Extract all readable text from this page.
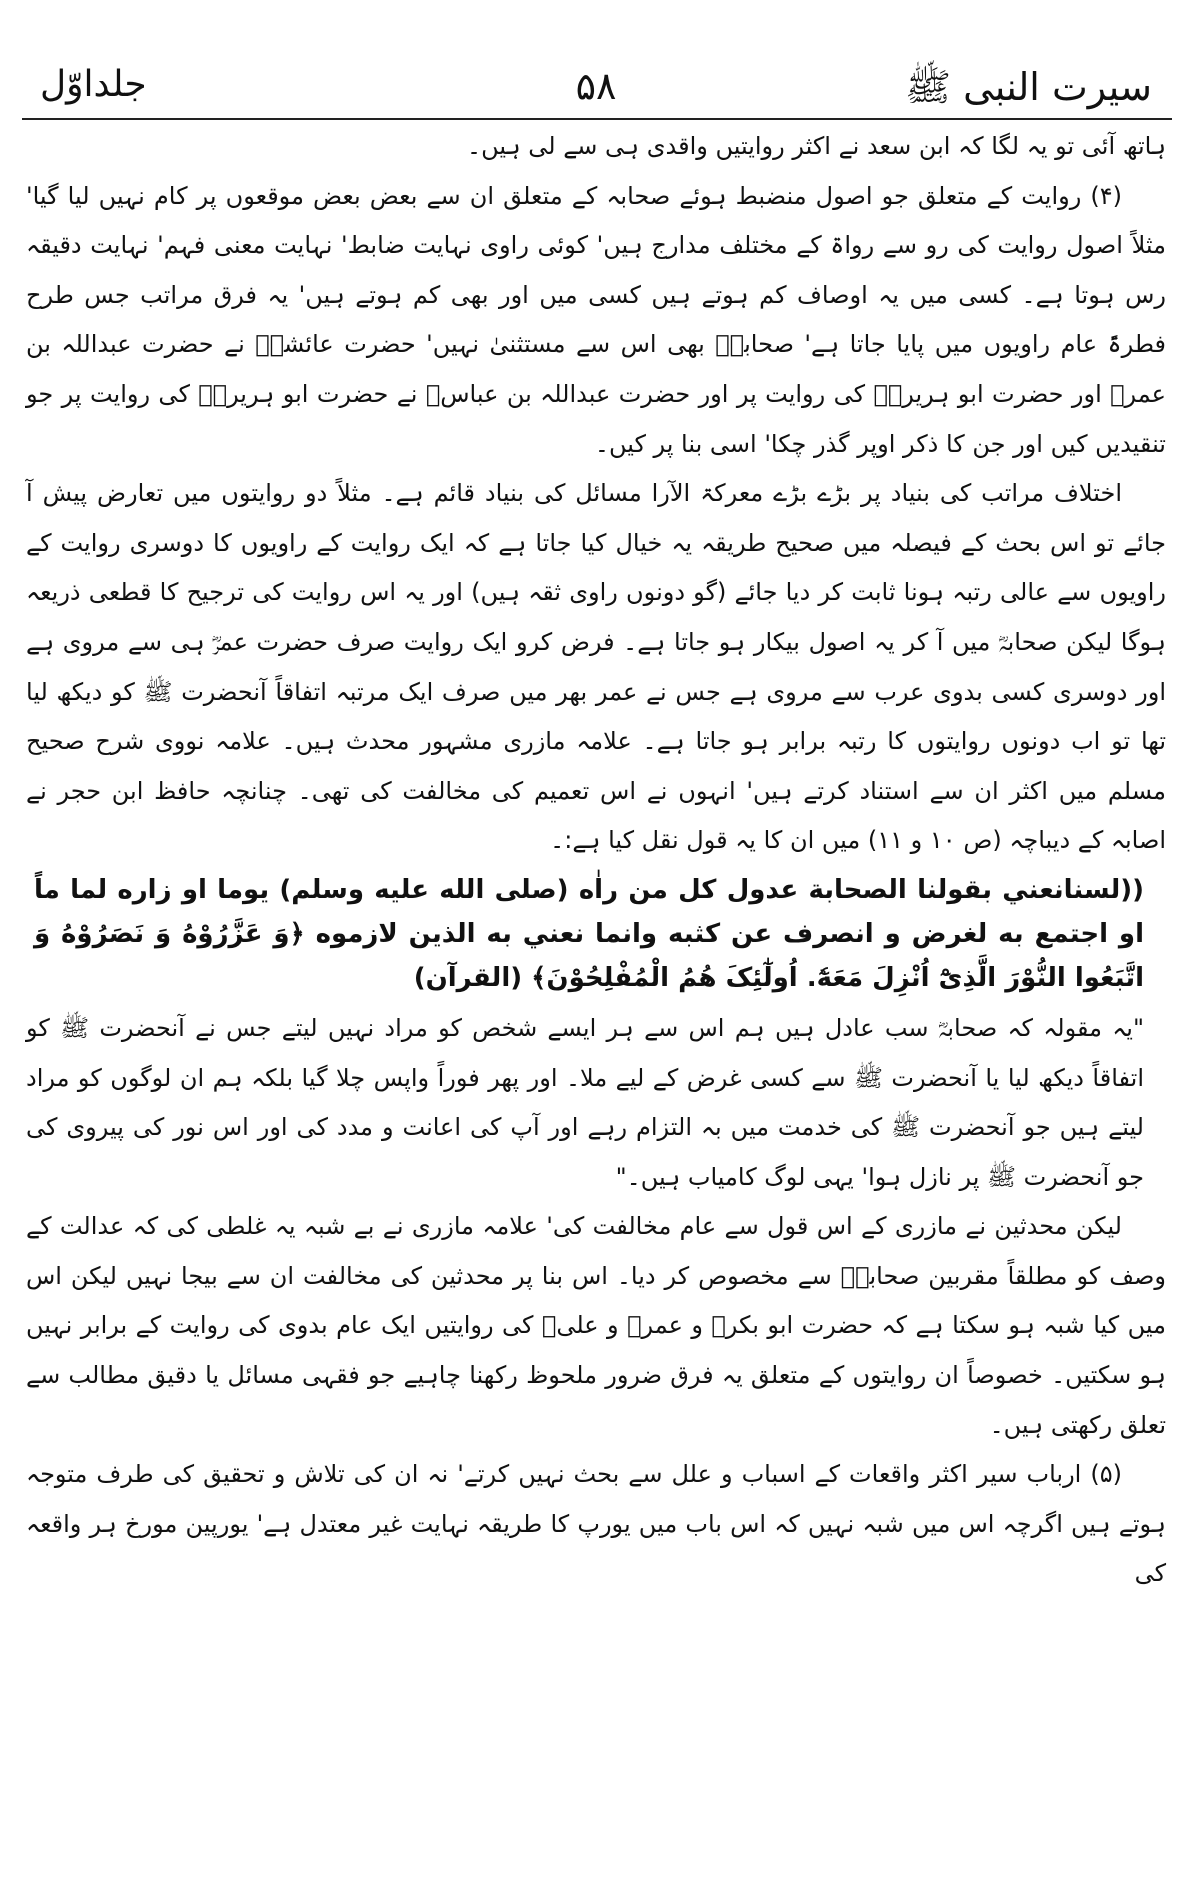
سیرت النبی ﷺ
۵۸
جلداوّل

ہاتھ آئی تو یہ لگا کہ ابن سعد نے اکثر روایتیں واقدی ہی سے لی ہیں۔

(۴) روایت کے متعلق جو اصول منضبط ہوئے صحابہ کے متعلق ان سے بعض بعض موقعوں پر کام نہیں لیا گیا' مثلاً اصول روایت کی رو سے رواۃ کے مختلف مدارج ہیں' کوئی راوی نہایت ضابط' نہایت معنی فہم' نہایت دقیقہ رس ہوتا ہے۔ کسی میں یہ اوصاف کم ہوتے ہیں کسی میں اور بھی کم ہوتے ہیں' یہ فرق مراتب جس طرح فطرۃً عام راویوں میں پایا جاتا ہے' صحابہؓ بھی اس سے مستثنیٰ نہیں' حضرت عائشہؓ نے حضرت عبداللہ بن عمرؓ اور حضرت ابو ہریرہؓ کی روایت پر اور حضرت عبداللہ بن عباسؓ نے حضرت ابو ہریرہؓ کی روایت پر جو تنقیدیں کیں اور جن کا ذکر اوپر گذر چکا' اسی بنا پر کیں۔

اختلاف مراتب کی بنیاد پر بڑے بڑے معرکۃ الآرا مسائل کی بنیاد قائم ہے۔ مثلاً دو روایتوں میں تعارض پیش آ جائے تو اس بحث کے فیصلہ میں صحیح طریقہ یہ خیال کیا جاتا ہے کہ ایک روایت کے راویوں کا دوسری روایت کے راویوں سے عالی رتبہ ہونا ثابت کر دیا جائے (گو دونوں راوی ثقہ ہیں) اور یہ اس روایت کی ترجیح کا قطعی ذریعہ ہوگا لیکن صحابہؓ میں آ کر یہ اصول بیکار ہو جاتا ہے۔ فرض کرو ایک روایت صرف حضرت عمرؓ ہی سے مروی ہے اور دوسری کسی بدوی عرب سے مروی ہے جس نے عمر بھر میں صرف ایک مرتبہ اتفاقاً آنحضرت ﷺ کو دیکھ لیا تھا تو اب دونوں روایتوں کا رتبہ برابر ہو جاتا ہے۔ علامہ مازری مشہور محدث ہیں۔ علامہ نووی شرح صحیح مسلم میں اکثر ان سے استناد کرتے ہیں' انہوں نے اس تعمیم کی مخالفت کی تھی۔ چنانچہ حافظ ابن حجر نے اصابہ کے دیباچہ (ص ۱۰ و ۱۱) میں ان کا یہ قول نقل کیا ہے:۔

((لسنانعني بقولنا الصحابة عدول كل من راٰه (صلى الله عليه وسلم) يوما او زاره لما ماً او اجتمع به لغرض و انصرف عن كثبه وانما نعني به الذين لازموه ﴿وَ عَزَّرُوْهُ وَ نَصَرُوْهُ وَ اتَّبَعُوا النُّوْرَ الَّذِیْٓ اُنْزِلَ مَعَهٗٓ. اُولٰٓئِکَ هُمُ الْمُفْلِحُوْنَ﴾ (القرآن)

"یہ مقولہ کہ صحابہؓ سب عادل ہیں ہم اس سے ہر ایسے شخص کو مراد نہیں لیتے جس نے آنحضرت ﷺ کو اتفاقاً دیکھ لیا یا آنحضرت ﷺ سے کسی غرض کے لیے ملا۔ اور پھر فوراً واپس چلا گیا بلکہ ہم ان لوگوں کو مراد لیتے ہیں جو آنحضرت ﷺ کی خدمت میں بہ التزام رہے اور آپ کی اعانت و مدد کی اور اس نور کی پیروی کی جو آنحضرت ﷺ پر نازل ہوا' یہی لوگ کامیاب ہیں۔"

لیکن محدثین نے مازری کے اس قول سے عام مخالفت کی' علامہ مازری نے بے شبہ یہ غلطی کی کہ عدالت کے وصف کو مطلقاً مقربین صحابہؓ سے مخصوص کر دیا۔ اس بنا پر محدثین کی مخالفت ان سے بیجا نہیں لیکن اس میں کیا شبہ ہو سکتا ہے کہ حضرت ابو بکرؓ و عمرؓ و علیؓ کی روایتیں ایک عام بدوی کی روایت کے برابر نہیں ہو سکتیں۔ خصوصاً ان روایتوں کے متعلق یہ فرق ضرور ملحوظ رکھنا چاہیے جو فقہی مسائل یا دقیق مطالب سے تعلق رکھتی ہیں۔

(۵) ارباب سیر اکثر واقعات کے اسباب و علل سے بحث نہیں کرتے' نہ ان کی تلاش و تحقیق کی طرف متوجہ ہوتے ہیں اگرچہ اس میں شبہ نہیں کہ اس باب میں یورپ کا طریقہ نہایت غیر معتدل ہے' یورپین مورخ ہر واقعہ کی
